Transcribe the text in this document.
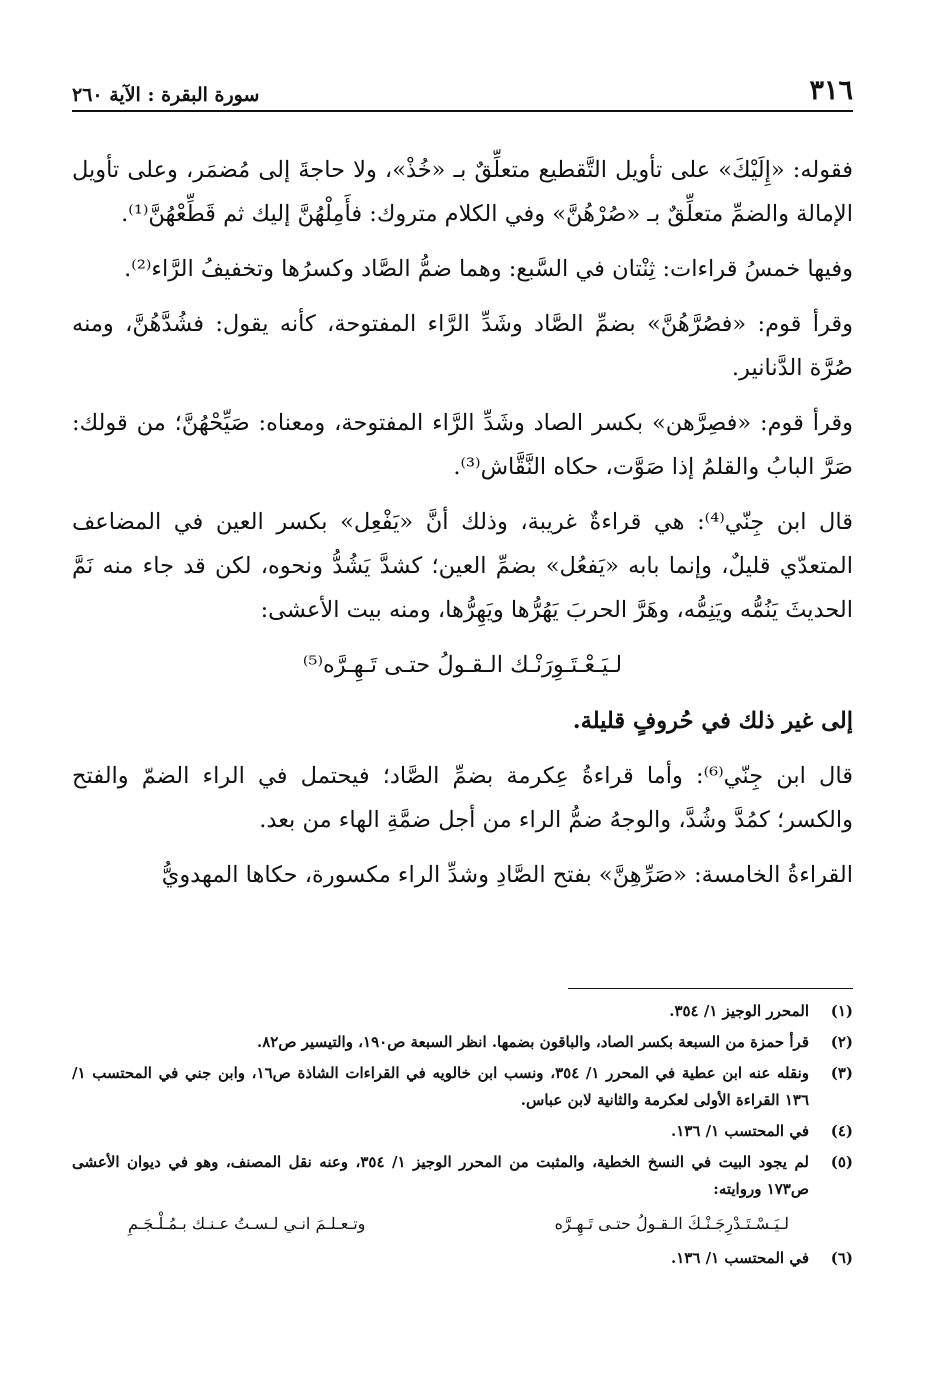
٣١٦
سورة البقرة : الآية ٢٦٠

فقوله: «إِلَيْكَ» على تأويل التَّقطيع متعلِّقٌ بـ «خُذْ»، ولا حاجةَ إلى مُضمَر، وعلى تأويل الإمالة والضمِّ متعلِّقٌ بـ «صُرْهُنَّ» وفي الكلام متروك: فأَمِلْهُنَّ إليك ثم قَطِّعْهُنَّ⁽¹⁾.

وفيها خمسُ قراءات: ثِنْتان في السَّبع: وهما ضمُّ الصَّاد وكسرُها وتخفيفُ الرَّاء⁽²⁾.

وقرأ قوم: «فصُرَّهُنَّ» بضمِّ الصَّاد وشَدِّ الرَّاء المفتوحة، كأنه يقول: فشُدَّهُنَّ، ومنه صُرَّة الدَّنانير.

وقرأ قوم: «فصِرَّهن» بكسر الصاد وشَدِّ الرَّاء المفتوحة، ومعناه: صَيِّحْهُنَّ؛ من قولك: صَرَّ البابُ والقلمُ إذا صَوَّت، حكاه النَّقَّاش⁽³⁾.

قال ابن جِنّي⁽⁴⁾: هي قراءةٌ غريبة، وذلك أنَّ «يَفْعِل» بكسر العين في المضاعف المتعدّي قليلٌ، وإنما بابه «يَفعُل» بضمِّ العين؛ كشدَّ يَشُدُّ ونحوه، لكن قد جاء منه نَمَّ الحديثَ يَنُمُّه ويَنِمُّه، وهَرَّ الحربَ يَهُرُّها ويَهِرُّها، ومنه بيت الأعشى:

لـيَـعْـتَـوِرَنْـك الـقـولُ حتـى تَـهِـرَّه⁽⁵⁾

إلى غير ذلك في حُروفٍ قليلة.

قال ابن جِنّي⁽⁶⁾: وأما قراءةُ عِكرمة بضمِّ الصَّاد؛ فيحتمل في الراء الضمّ والفتح والكسر؛ كمُدَّ وشُدَّ، والوجهُ ضمُّ الراء من أجل ضمَّةِ الهاء من بعد.

القراءةُ الخامسة: «صَرِّهِنَّ» بفتح الصَّادِ وشدِّ الراء مكسورة، حكاها المهدويُّ

(١)
المحرر الوجيز ١/ ٣٥٤.
(٢)
قرأ حمزة من السبعة بكسر الصاد، والباقون بضمها. انظر السبعة ص١٩٠، والتيسير ص٨٢.
(٣)
ونقله عنه ابن عطية في المحرر ١/ ٣٥٤، ونسب ابن خالويه في القراءات الشاذة ص١٦، وابن جني في المحتسب ١/ ١٣٦ القراءة الأولى لعكرمة والثانية لابن عباس.
(٤)
في المحتسب ١/ ١٣٦.
(٥)
لم يجود البيت في النسخ الخطية، والمثبت من المحرر الوجيز ١/ ٣٥٤، وعنه نقل المصنف، وهو في ديوان الأعشى ص١٧٣ وروايته:
لـيَـسْـتَـدْرِجَـنْـكَ الـقـولُ حتـى تَـهِـرَّه
وتـعـلـمَ انـي لـسـتُ عـنـك بـمُـلْـجَـمِ
(٦)
في المحتسب ١/ ١٣٦.
